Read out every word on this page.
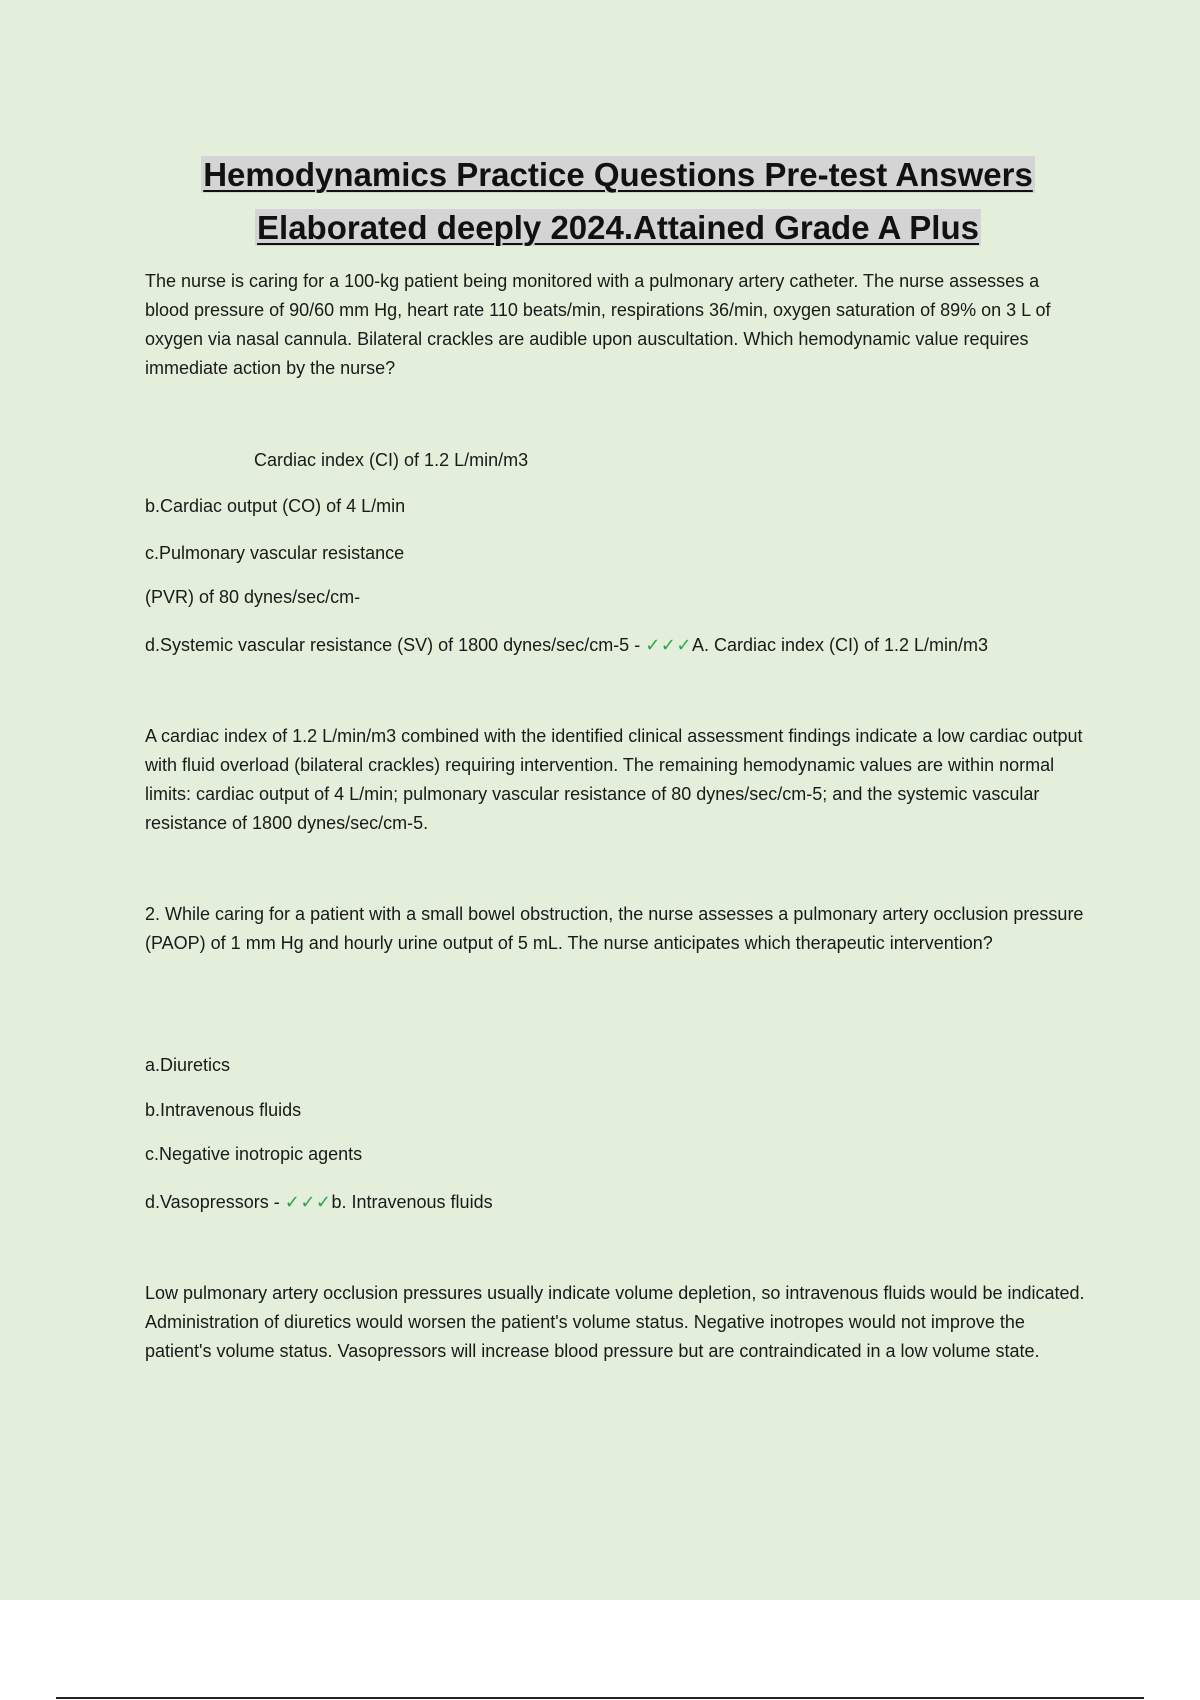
Hemodynamics Practice Questions Pre-test Answers
Elaborated deeply 2024.Attained Grade A Plus

The nurse is caring for a 100-kg patient being monitored with a pulmonary artery catheter. The nurse assesses a blood pressure of 90/60 mm Hg, heart rate 110 beats/min, respirations 36/min, oxygen saturation of 89% on 3 L of oxygen via nasal cannula. Bilateral crackles are audible upon auscultation. Which hemodynamic value requires immediate action by the nurse?

Cardiac index (CI) of 1.2 L/min/m3
b.Cardiac output (CO) of 4 L/min
c.Pulmonary vascular resistance
(PVR) of 80 dynes/sec/cm-
d.Systemic vascular resistance (SV) of 1800 dynes/sec/cm-5 - ✓✓✓A. Cardiac index (CI) of 1.2 L/min/m3

A cardiac index of 1.2 L/min/m3 combined with the identified clinical assessment findings indicate a low cardiac output with fluid overload (bilateral crackles) requiring intervention. The remaining hemodynamic values are within normal limits: cardiac output of 4 L/min; pulmonary vascular resistance of 80 dynes/sec/cm-5; and the systemic vascular resistance of 1800 dynes/sec/cm-5.

2. While caring for a patient with a small bowel obstruction, the nurse assesses a pulmonary artery occlusion pressure (PAOP) of 1 mm Hg and hourly urine output of 5 mL. The nurse anticipates which therapeutic intervention?

a.Diuretics
b.Intravenous fluids
c.Negative inotropic agents
d.Vasopressors - ✓✓✓b. Intravenous fluids

Low pulmonary artery occlusion pressures usually indicate volume depletion, so intravenous fluids would be indicated. Administration of diuretics would worsen the patient's volume status. Negative inotropes would not improve the patient's volume status. Vasopressors will increase blood pressure but are contraindicated in a low volume state.
